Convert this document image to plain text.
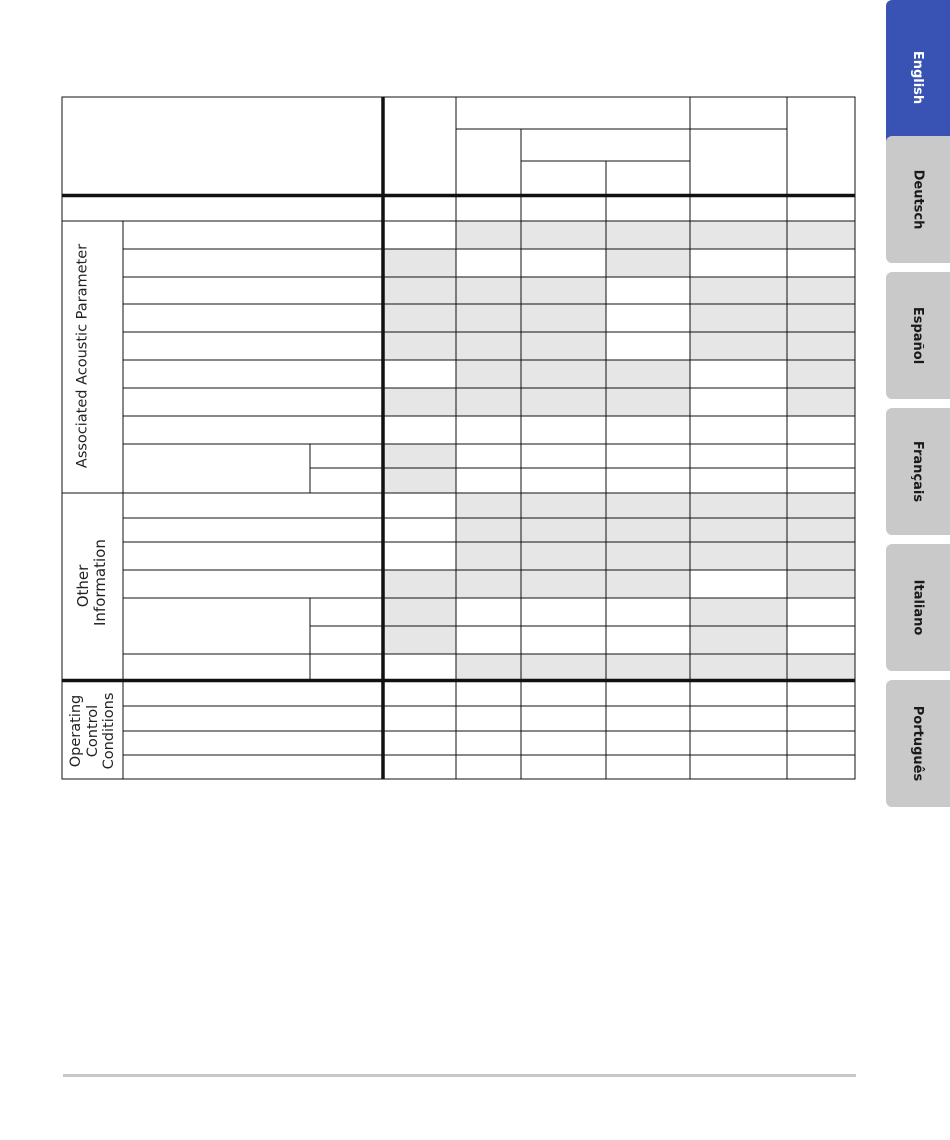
English
Deutsch
Español
Français
Italiano
Português
Associated Acoustic Parameter
Other Information
Operating Control Conditions
